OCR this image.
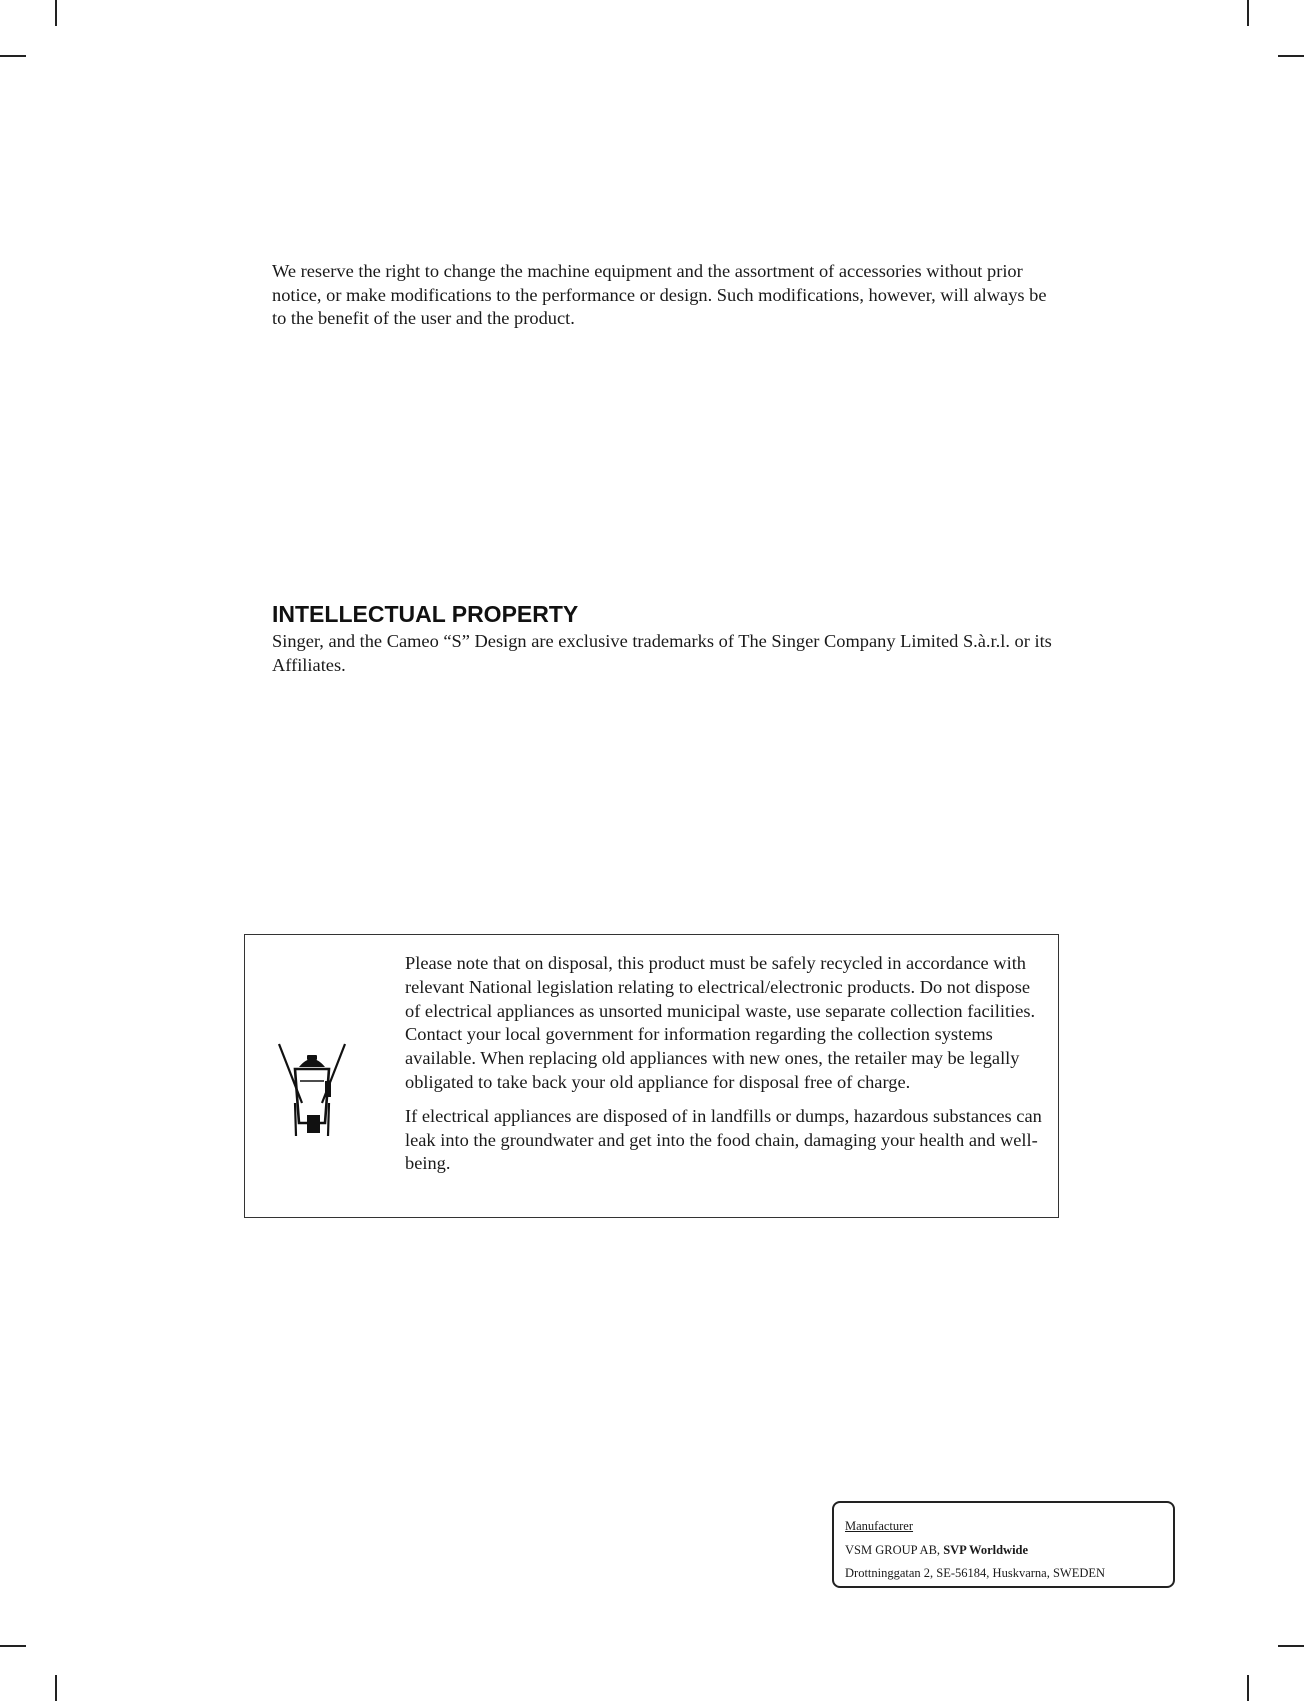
We reserve the right to change the machine equipment and the assortment of accessories without prior notice, or make modifications to the performance or design. Such modifications, however, will always be to the benefit of the user and the product.

INTELLECTUAL PROPERTY

Singer, and the Cameo “S” Design are exclusive trademarks of The Singer Company Limited S.à.r.l. or its Affiliates.

Please note that on disposal, this product must be safely recycled in accordance with relevant National legislation relating to electrical/electronic products. Do not dispose of electrical appliances as unsorted municipal waste, use separate collection facilities. Contact your local government for information regarding the collection systems available. When replacing old appliances with new ones, the retailer may be legally obligated to take back your old appliance for disposal free of charge.

If electrical appliances are disposed of in landfills or dumps, hazardous substances can leak into the groundwater and get into the food chain, damaging your health and well-being.

Manufacturer
VSM GROUP AB, SVP Worldwide
Drottninggatan 2, SE-56184, Huskvarna, SWEDEN
